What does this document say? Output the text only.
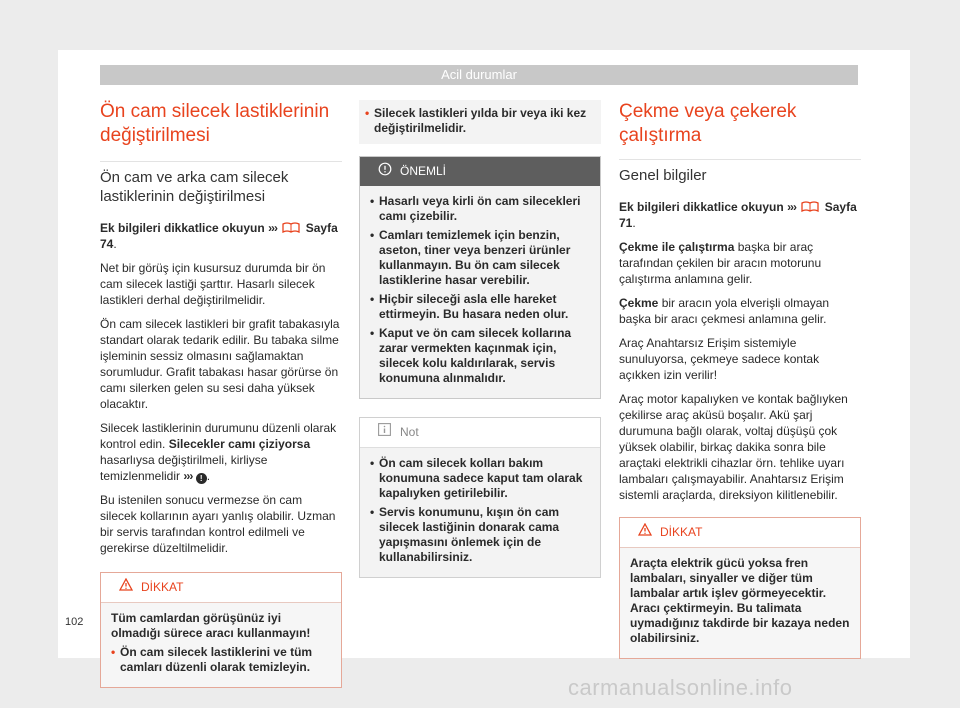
Acil durumlar
Ön cam silecek lastiklerinin değiştirilmesi
Ön cam ve arka cam silecek lastiklerinin değiştirilmesi

Ek bilgileri dikkatlice okuyun ››› Sayfa 74.

Net bir görüş için kusursuz durumda bir ön cam silecek lastiği şarttır. Hasarlı silecek lastikleri derhal değiştirilmelidir.

Ön cam silecek lastikleri bir grafit tabakasıyla standart olarak tedarik edilir. Bu tabaka silme işleminin sessiz olmasını sağlamaktan sorumludur. Grafit tabakası hasar görürse ön camı silerken gelen su sesi daha yüksek olacaktır.

Silecek lastiklerinin durumunu düzenli olarak kontrol edin. Silecekler camı çiziyorsa hasarlıysa değiştirilmeli, kirliyse temizlenmelidir ››› ! .

Bu istenilen sonucu vermezse ön cam silecek kollarının ayarı yanlış olabilir. Uzman bir servis tarafından kontrol edilmeli ve gerekirse düzeltilmelidir.

DİKKAT

Tüm camlardan görüşünüz iyi olmadığı sürece aracı kullanmayın!

• Ön cam silecek lastiklerini ve tüm camları düzenli olarak temizleyin.

• Silecek lastikleri yılda bir veya iki kez değiştirilmelidir.

ÖNEMLİ

• Hasarlı veya kirli ön cam silecekleri camı çizebilir.

• Camları temizlemek için benzin, aseton, tiner veya benzeri ürünler kullanmayın. Bu ön cam silecek lastiklerine hasar verebilir.

• Hiçbir sileceği asla elle hareket ettirmeyin. Bu hasara neden olur.

• Kaput ve ön cam silecek kollarına zarar vermekten kaçınmak için, silecek kolu kaldırılarak, servis konumuna alınmalıdır.

Not

• Ön cam silecek kolları bakım konumuna sadece kaput tam olarak kapalıyken getirilebilir.

• Servis konumunu, kışın ön cam silecek lastiğinin donarak cama yapışmasını önlemek için de kullanabilirsiniz.

Çekme veya çekerek çalıştırma
Genel bilgiler

Ek bilgileri dikkatlice okuyun ››› Sayfa 71.

Çekme ile çalıştırma başka bir araç tarafından çekilen bir aracın motorunu çalıştırma anlamına gelir.

Çekme bir aracın yola elverişli olmayan başka bir aracı çekmesi anlamına gelir.

Araç Anahtarsız Erişim sistemiyle sunuluyorsa, çekmeye sadece kontak açıkken izin verilir!

Araç motor kapalıyken ve kontak bağlıyken çekilirse araç aküsü boşalır. Akü şarj durumuna bağlı olarak, voltaj düşüşü çok yüksek olabilir, birkaç dakika sonra bile araçtaki elektrikli cihazlar örn. tehlike uyarı lambaları çalışmayabilir. Anahtarsız Erişim sistemli araçlarda, direksiyon kilitlenebilir.

DİKKAT

Araçta elektrik gücü yoksa fren lambaları, sinyaller ve diğer tüm lambalar artık işlev görmeyecektir. Aracı çektirmeyin. Bu talimata uymadığınız takdirde bir kazaya neden olabilirsiniz.

102
carmanualsonline.info
